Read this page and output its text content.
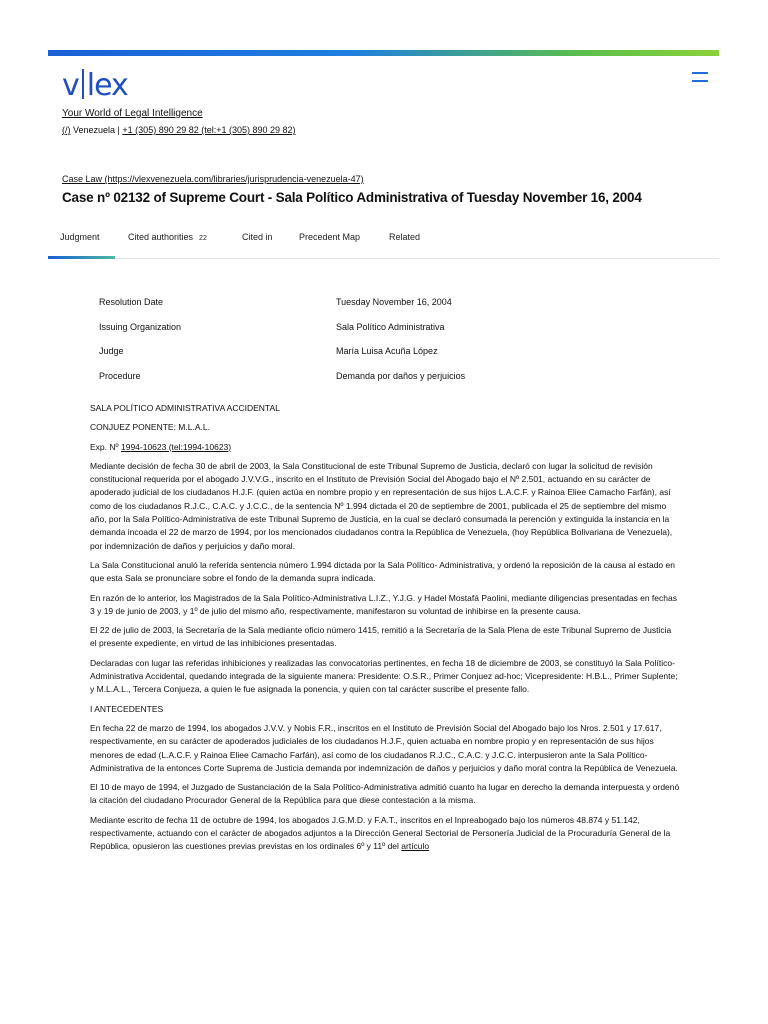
v lex
Your World of Legal Intelligence
(/) Venezuela | +1 (305) 890 29 82 (tel:+1 (305) 890 29 82)
Case Law (https://vlexvenezuela.com/libraries/jurisprudencia-venezuela-47)
Case nº 02132 of Supreme Court - Sala Político Administrativa of Tuesday November 16, 2004
Judgment	Cited authorities 22	Cited in	Precedent Map	Related
Resolution Date	Tuesday November 16, 2004
Issuing Organization	Sala Político Administrativa
Judge	María Luisa Acuña López
Procedure	Demanda por daños y perjuicios

SALA POLÍTICO ADMINISTRATIVA ACCIDENTAL

CONJUEZ PONENTE: M.L.A.L.

Exp. Nº 1994-10623 (tel:1994-10623)

Mediante decisión de fecha 30 de abril de 2003, la Sala Constitucional de este Tribunal Supremo de Justicia, declaró con lugar la solicitud de revisión constitucional requerida por el abogado J.V.V.G., inscrito en el Instituto de Previsión Social del Abogado bajo el Nº 2.501, actuando en su carácter de apoderado judicial de los ciudadanos H.J.F. (quien actúa en nombre propio y en representación de sus hijos L.A.C.F. y Rainoa Eliee Camacho Farfán), así como de los ciudadanos R.J.C., C.A.C. y J.C.C., de la sentencia Nº 1.994 dictada el 20 de septiembre de 2001, publicada el 25 de septiembre del mismo año, por la Sala Político-Administrativa de este Tribunal Supremo de Justicia, en la cual se declaró consumada la perención y extinguida la instancia en la demanda incoada el 22 de marzo de 1994, por los mencionados ciudadanos contra la República de Venezuela, (hoy República Bolivariana de Venezuela), por indemnización de daños y perjuicios y daño moral.

La Sala Constitucional anuló la referida sentencia número 1.994 dictada por la Sala Político- Administrativa, y ordenó la reposición de la causa al estado en que esta Sala se pronunciare sobre el fondo de la demanda supra indicada.

En razón de lo anterior, los Magistrados de la Sala Político-Administrativa L.I.Z., Y.J.G. y Hadel Mostafá Paolini, mediante diligencias presentadas en fechas 3 y 19 de junio de 2003, y 1º de julio del mismo año, respectivamente, manifestaron su voluntad de inhibirse en la presente causa.

El 22 de julio de 2003, la Secretaría de la Sala mediante oficio número 1415, remitió a la Secretaría de la Sala Plena de este Tribunal Supremo de Justicia el presente expediente, en virtud de las inhibiciones presentadas.

Declaradas con lugar las referidas inhibiciones y realizadas las convocatorias pertinentes, en fecha 18 de diciembre de 2003, se constituyó la Sala Político-Administrativa Accidental, quedando integrada de la siguiente manera: Presidente: O.S.R., Primer Conjuez ad-hoc; Vicepresidente: H.B.L., Primer Suplente; y M.L.A.L., Tercera Conjueza, a quien le fue asignada la ponencia, y quien con tal carácter suscribe el presente fallo.

I ANTECEDENTES

En fecha 22 de marzo de 1994, los abogados J.V.V. y Nobis F.R., inscritos en el Instituto de Previsión Social del Abogado bajo los Nros. 2.501 y 17.617, respectivamente, en su carácter de apoderados judiciales de los ciudadanos H.J.F., quien actuaba en nombre propio y en representación de sus hijos menores de edad (L.A.C.F. y Rainoa Eliee Camacho Farfán), así como de los ciudadanos R.J.C., C.A.C. y J.C.C. interpusieron ante la Sala Político-Administrativa de la entonces Corte Suprema de Justicia demanda por indemnización de daños y perjuicios y daño moral contra la República de Venezuela.

El 10 de mayo de 1994, el Juzgado de Sustanciación de la Sala Político-Administrativa admitió cuanto ha lugar en derecho la demanda interpuesta y ordenó la citación del ciudadano Procurador General de la República para que diese contestación a la misma.

Mediante escrito de fecha 11 de octubre de 1994, los abogados J.G.M.D. y F.A.T., inscritos en el Inpreabogado bajo los números 48.874 y 51.142, respectivamente, actuando con el carácter de abogados adjuntos a la Dirección General Sectorial de Personería Judicial de la Procuraduría General de la República, opusieron las cuestiones previas previstas en los ordinales 6º y 11º del artículo
